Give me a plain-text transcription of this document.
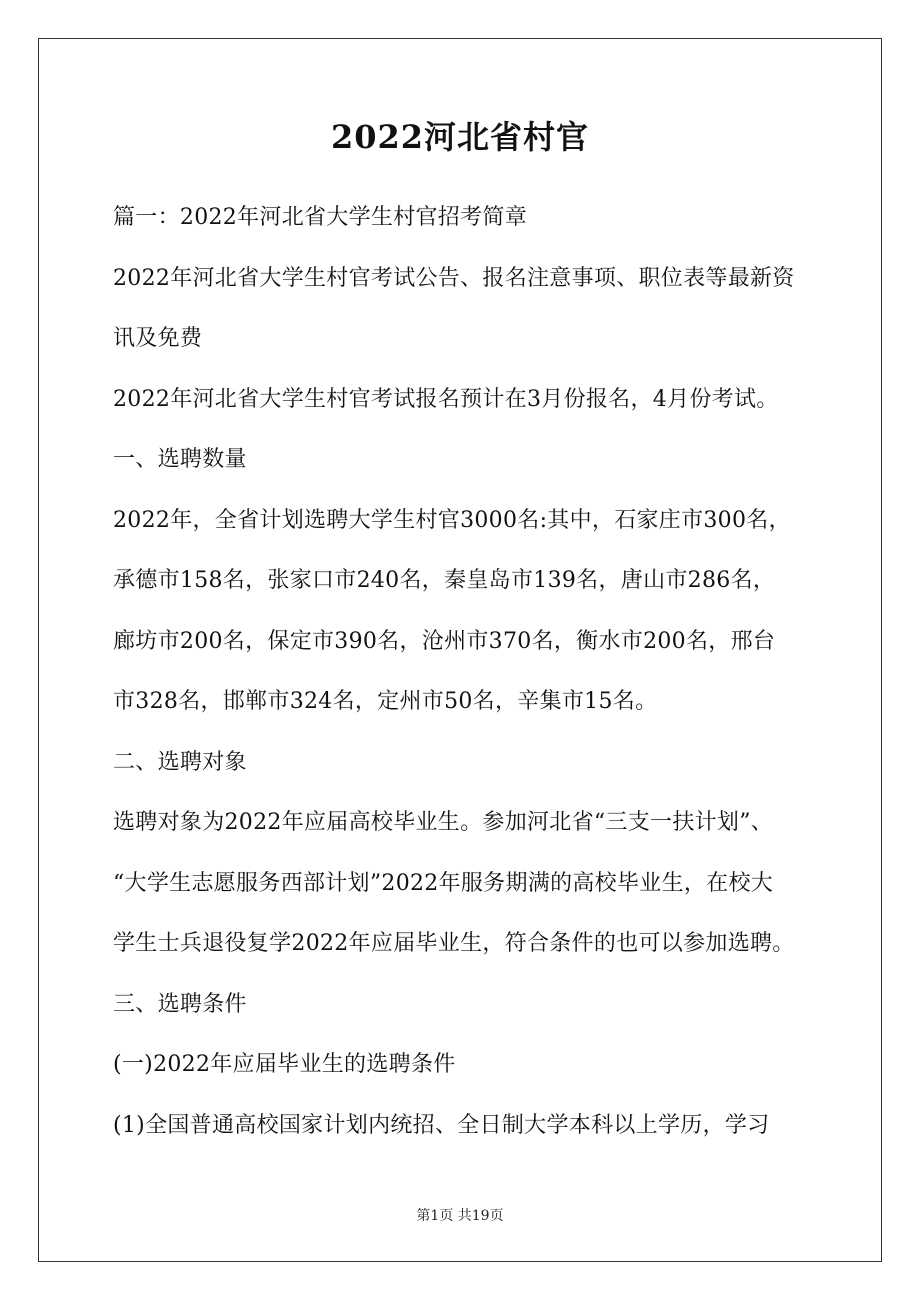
2022河北省村官
篇一：2022年河北省大学生村官招考简章
2022年河北省大学生村官考试公告、报名注意事项、职位表等最新资
讯及免费
2022年河北省大学生村官考试报名预计在3月份报名，4月份考试。
一、选聘数量
2022年，全省计划选聘大学生村官3000名:其中，石家庄市300名，
承德市158名，张家口市240名，秦皇岛市139名，唐山市286名，
廊坊市200名，保定市390名，沧州市370名，衡水市200名，邢台
市328名，邯郸市324名，定州市50名，辛集市15名。
二、选聘对象
选聘对象为2022年应届高校毕业生。参加河北省“三支一扶计划”、
“大学生志愿服务西部计划”2022年服务期满的高校毕业生，在校大
学生士兵退役复学2022年应届毕业生，符合条件的也可以参加选聘。
三、选聘条件
(一)2022年应届毕业生的选聘条件
(1)全国普通高校国家计划内统招、全日制大学本科以上学历，学习
第1页 共19页
